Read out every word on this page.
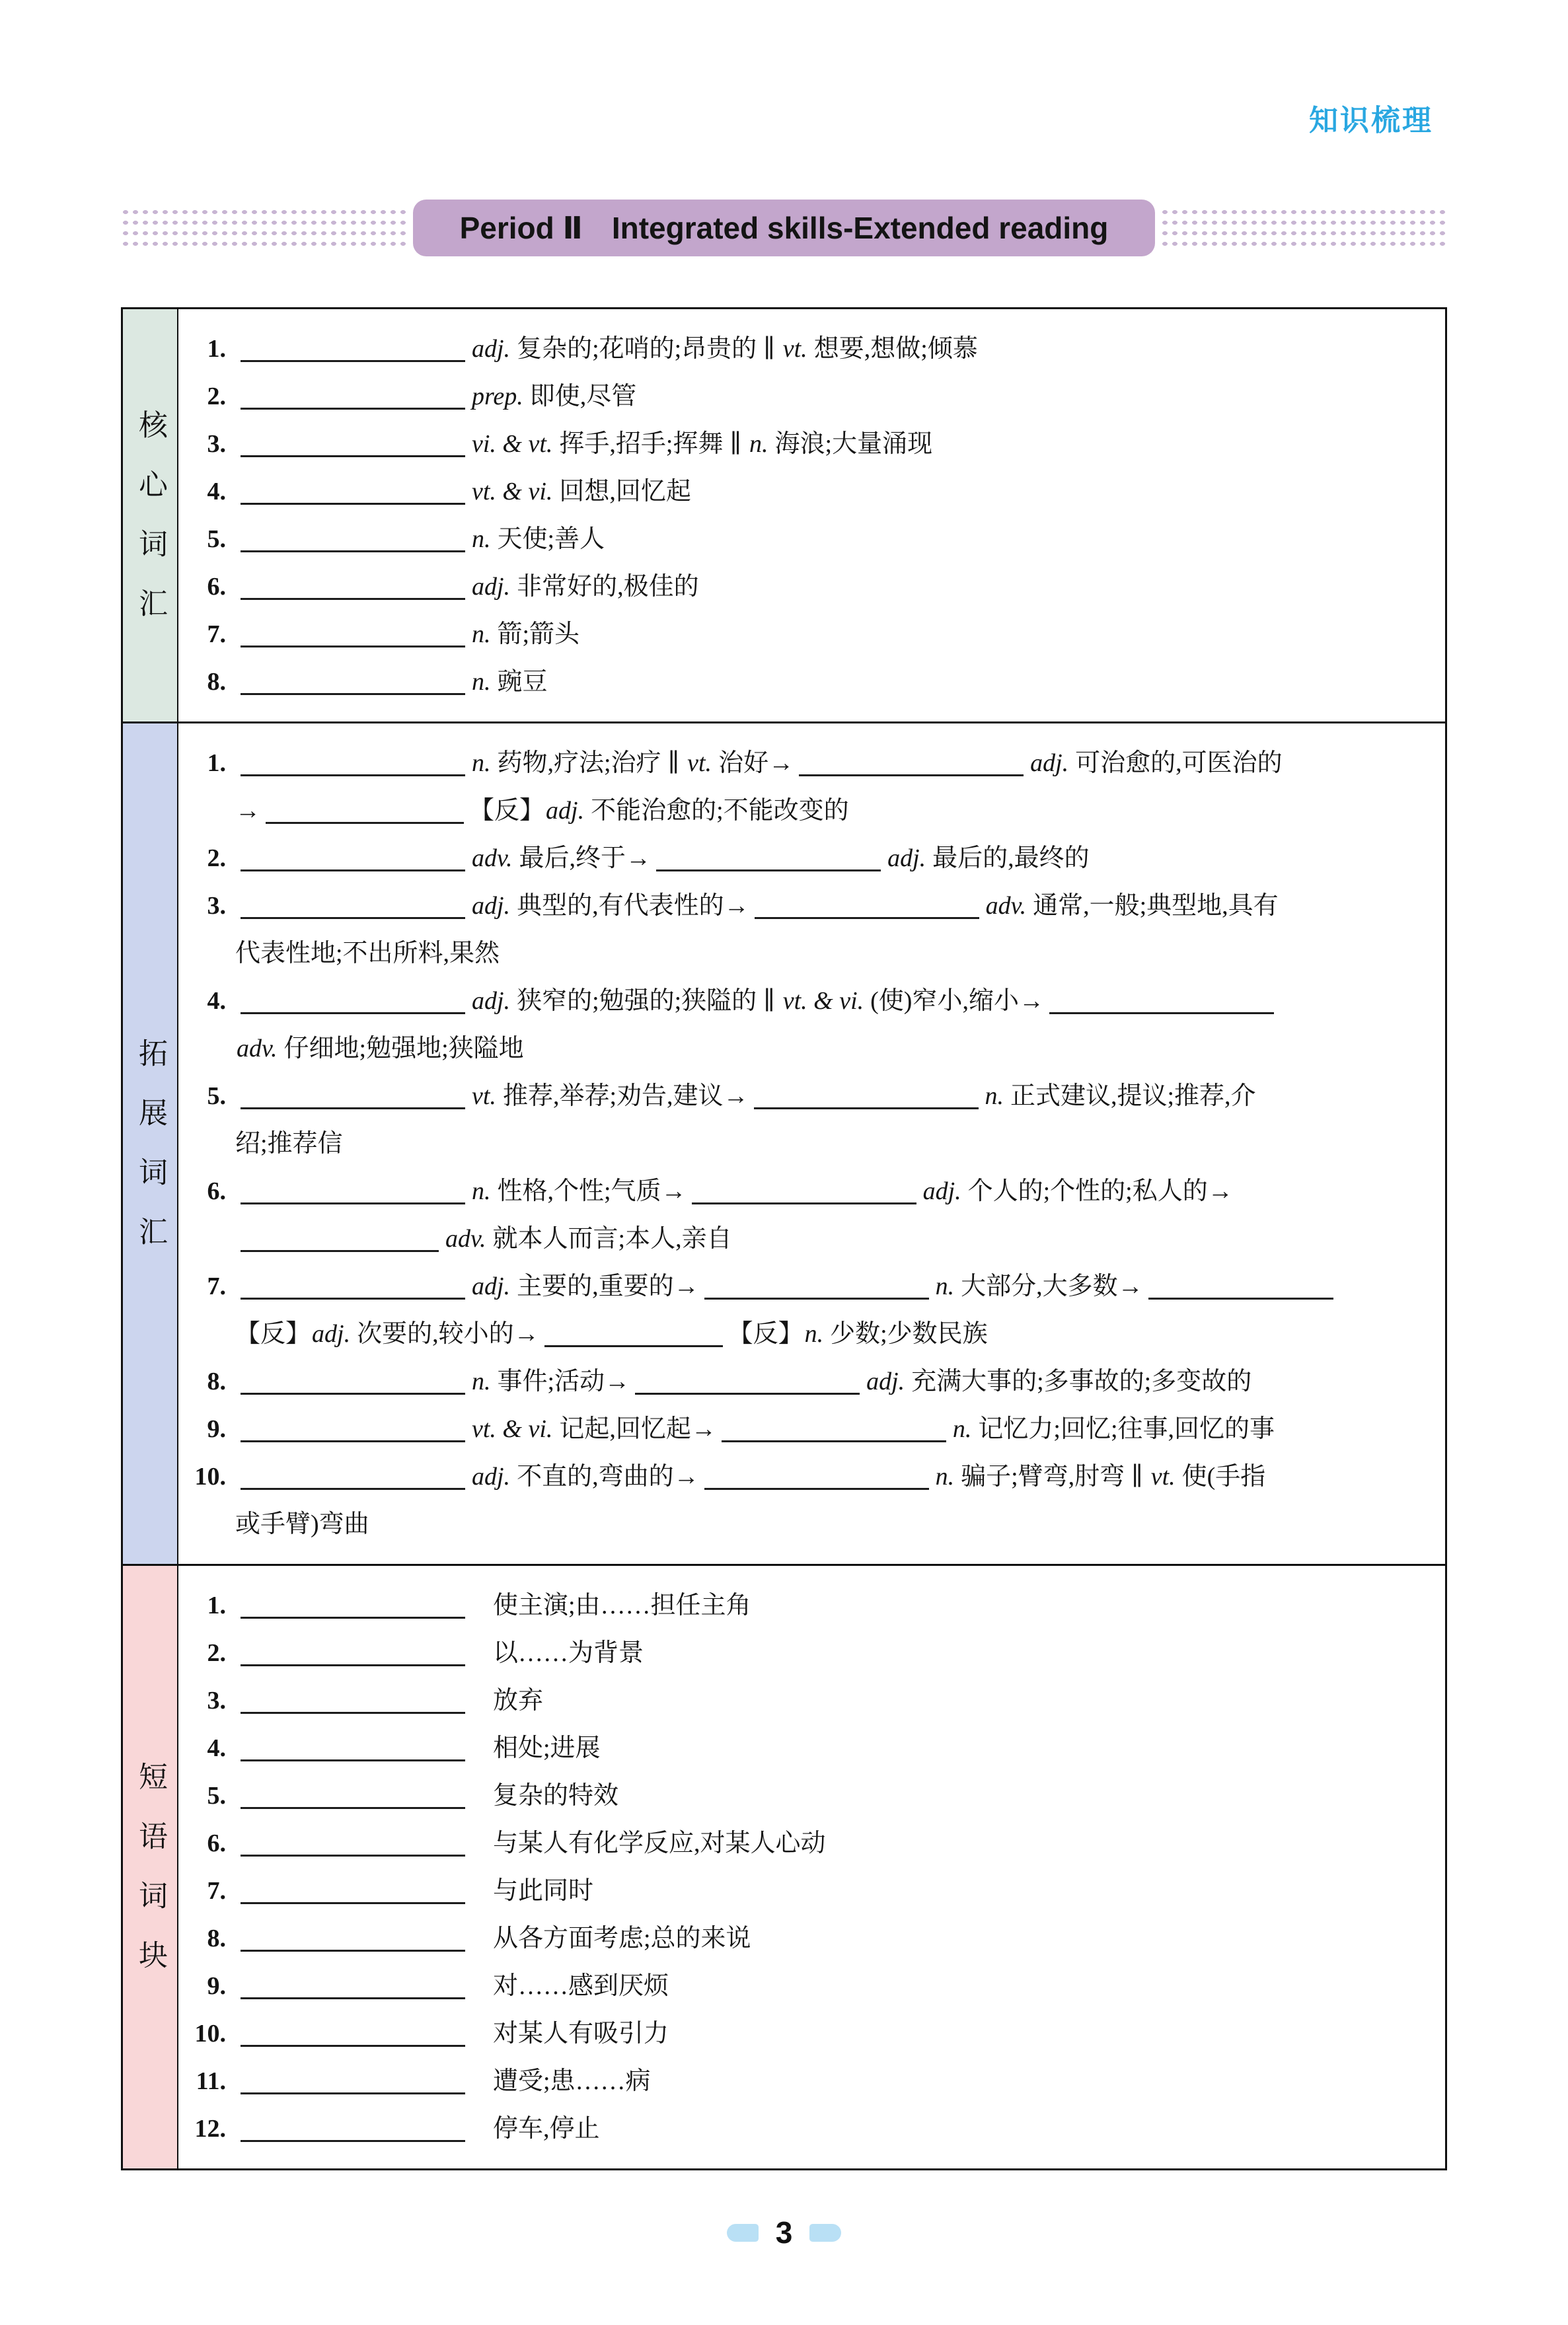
知识梳理
Period Ⅱ Integrated skills-Extended reading
核心词汇
1.	adj. 复杂的;花哨的;昂贵的 ∥ vt. 想要,想做;倾慕
2.	prep. 即使,尽管
3.	vi. & vt. 挥手,招手;挥舞 ∥ n. 海浪;大量涌现
4.	vt. & vi. 回想,回忆起
5.	n. 天使;善人
6.	adj. 非常好的,极佳的
7.	n. 箭;箭头
8.	n. 豌豆
拓展词汇
1.	n. 药物,疗法;治疗 ∥ vt. 治好→	adj. 可治愈的,可医治的
→	【反】adj. 不能治愈的;不能改变的
2.	adv. 最后,终于→	adj. 最后的,最终的
3.	adj. 典型的,有代表性的→	adv. 通常,一般;典型地,具有
代表性地;不出所料,果然
4.	adj. 狭窄的;勉强的;狭隘的 ∥ vt. & vi. (使)窄小,缩小→
adv. 仔细地;勉强地;狭隘地
5.	vt. 推荐,举荐;劝告,建议→	n. 正式建议,提议;推荐,介
绍;推荐信
6.	n. 性格,个性;气质→	adj. 个人的;个性的;私人的→
adv. 就本人而言;本人,亲自
7.	adj. 主要的,重要的→	n. 大部分,大多数→
【反】adj. 次要的,较小的→	【反】n. 少数;少数民族
8.	n. 事件;活动→	adj. 充满大事的;多事故的;多变故的
9.	vt. & vi. 记起,回忆起→	n. 记忆力;回忆;往事,回忆的事
10.	adj. 不直的,弯曲的→	n. 骗子;臂弯,肘弯 ∥ vt. 使(手指
或手臂)弯曲
短语词块
1.	使主演;由……担任主角
2.	以……为背景
3.	放弃
4.	相处;进展
5.	复杂的特效
6.	与某人有化学反应,对某人心动
7.	与此同时
8.	从各方面考虑;总的来说
9.	对……感到厌烦
10.	对某人有吸引力
11.	遭受;患……病
12.	停车,停止
3
